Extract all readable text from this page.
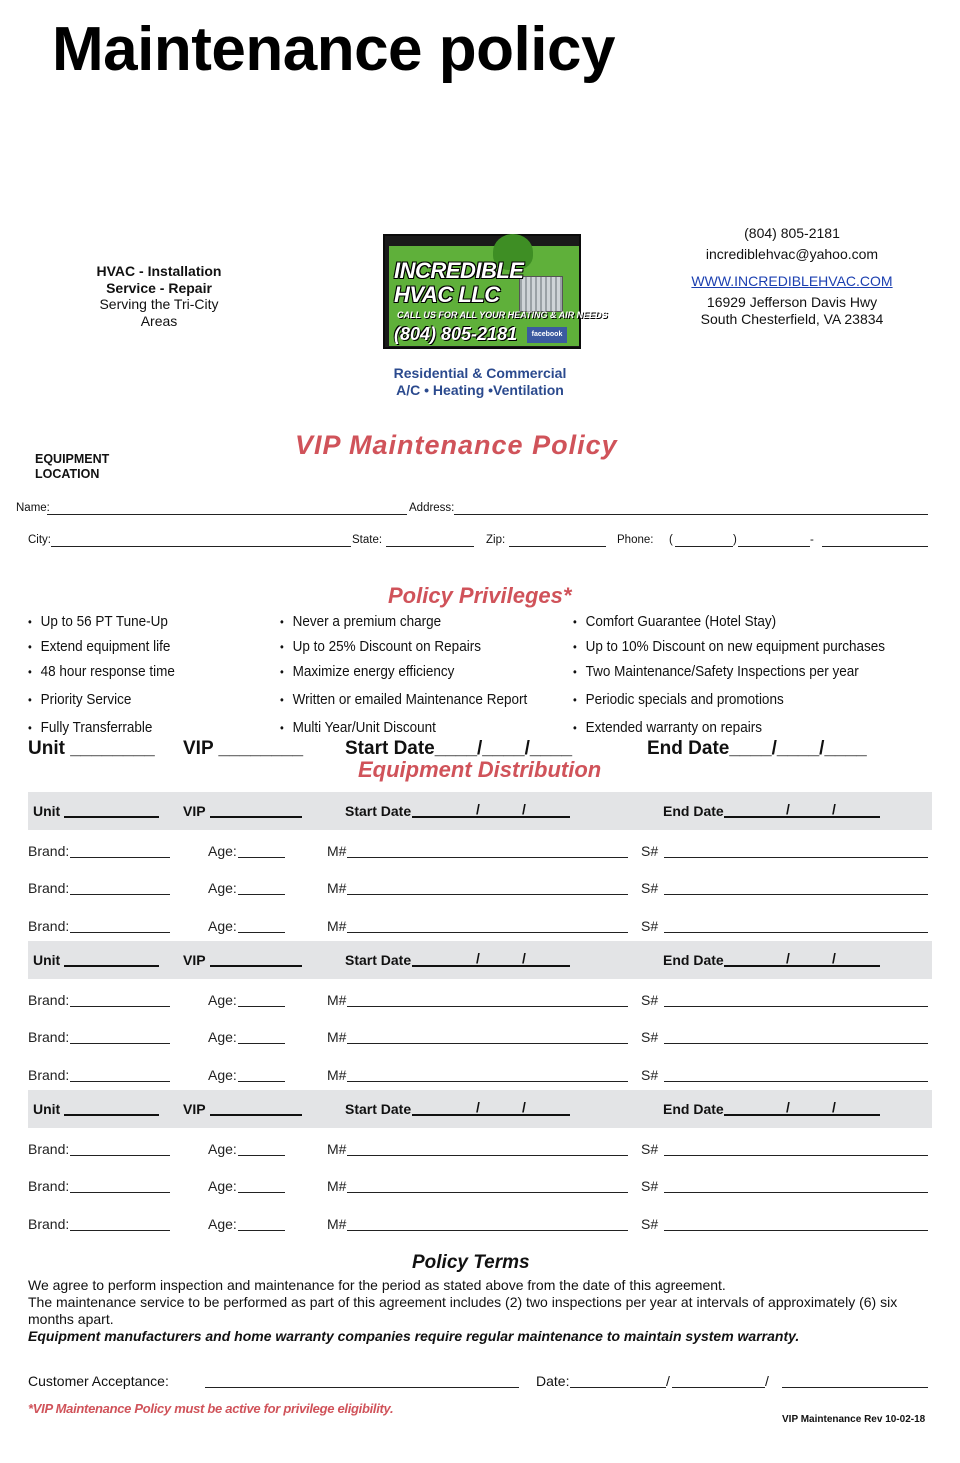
Maintenance policy
HVAC - Installation
Service - Repair
Serving the Tri-City
Areas
INCREDIBLE
HVAC LLC
CALL US FOR ALL YOUR HEATING & AIR NEEDS
(804) 805-2181	facebook
(804) 805-2181
incrediblehvac@yahoo.com
WWW.INCREDIBLEHVAC.COM
16929 Jefferson Davis Hwy
South Chesterfield, VA 23834
Residential & Commercial
A/C • Heating •Ventilation
EQUIPMENT
LOCATION
VIP Maintenance Policy
Name:	Address:
City:	State:	Zip:	Phone: (	)	-
Policy Privileges*
• Up to 56 PT Tune-Up
• Extend equipment life
• 48 hour response time
• Priority Service
• Fully Transferrable
• Never a premium charge
• Up to 25% Discount on Repairs
• Maximize energy efficiency
• Written or emailed Maintenance Report
• Multi Year/Unit Discount
• Comfort Guarantee (Hotel Stay)
• Up to 10% Discount on new equipment purchases
• Two Maintenance/Safety Inspections per year
• Periodic specials and promotions
• Extended warranty on repairs
Unit ________ VIP ________ Start Date____/____/____	End Date____/____/____
Equipment Distribution
Unit	VIP	Start Date	/	/	End Date	/	/
Brand:	Age:	M#	S#
Brand:	Age:	M#	S#
Brand:	Age:	M#	S#
Unit	VIP	Start Date	/	/	End Date	/	/
Brand:	Age:	M#	S#
Brand:	Age:	M#	S#
Brand:	Age:	M#	S#
Unit	VIP	Start Date	/	/	End Date	/	/
Brand:	Age:	M#	S#
Brand:	Age:	M#	S#
Brand:	Age:	M#	S#
Policy Terms
We agree to perform inspection and maintenance for the period as stated above from the date of this agreement.
The maintenance service to be performed as part of this agreement includes (2) two inspections per year at intervals of approximately (6) six months apart.
Equipment manufacturers and home warranty companies require regular maintenance to maintain system warranty.
Customer Acceptance:	Date:	/	/
*VIP Maintenance Policy must be active for privilege eligibility.
VIP Maintenance Rev 10-02-18
